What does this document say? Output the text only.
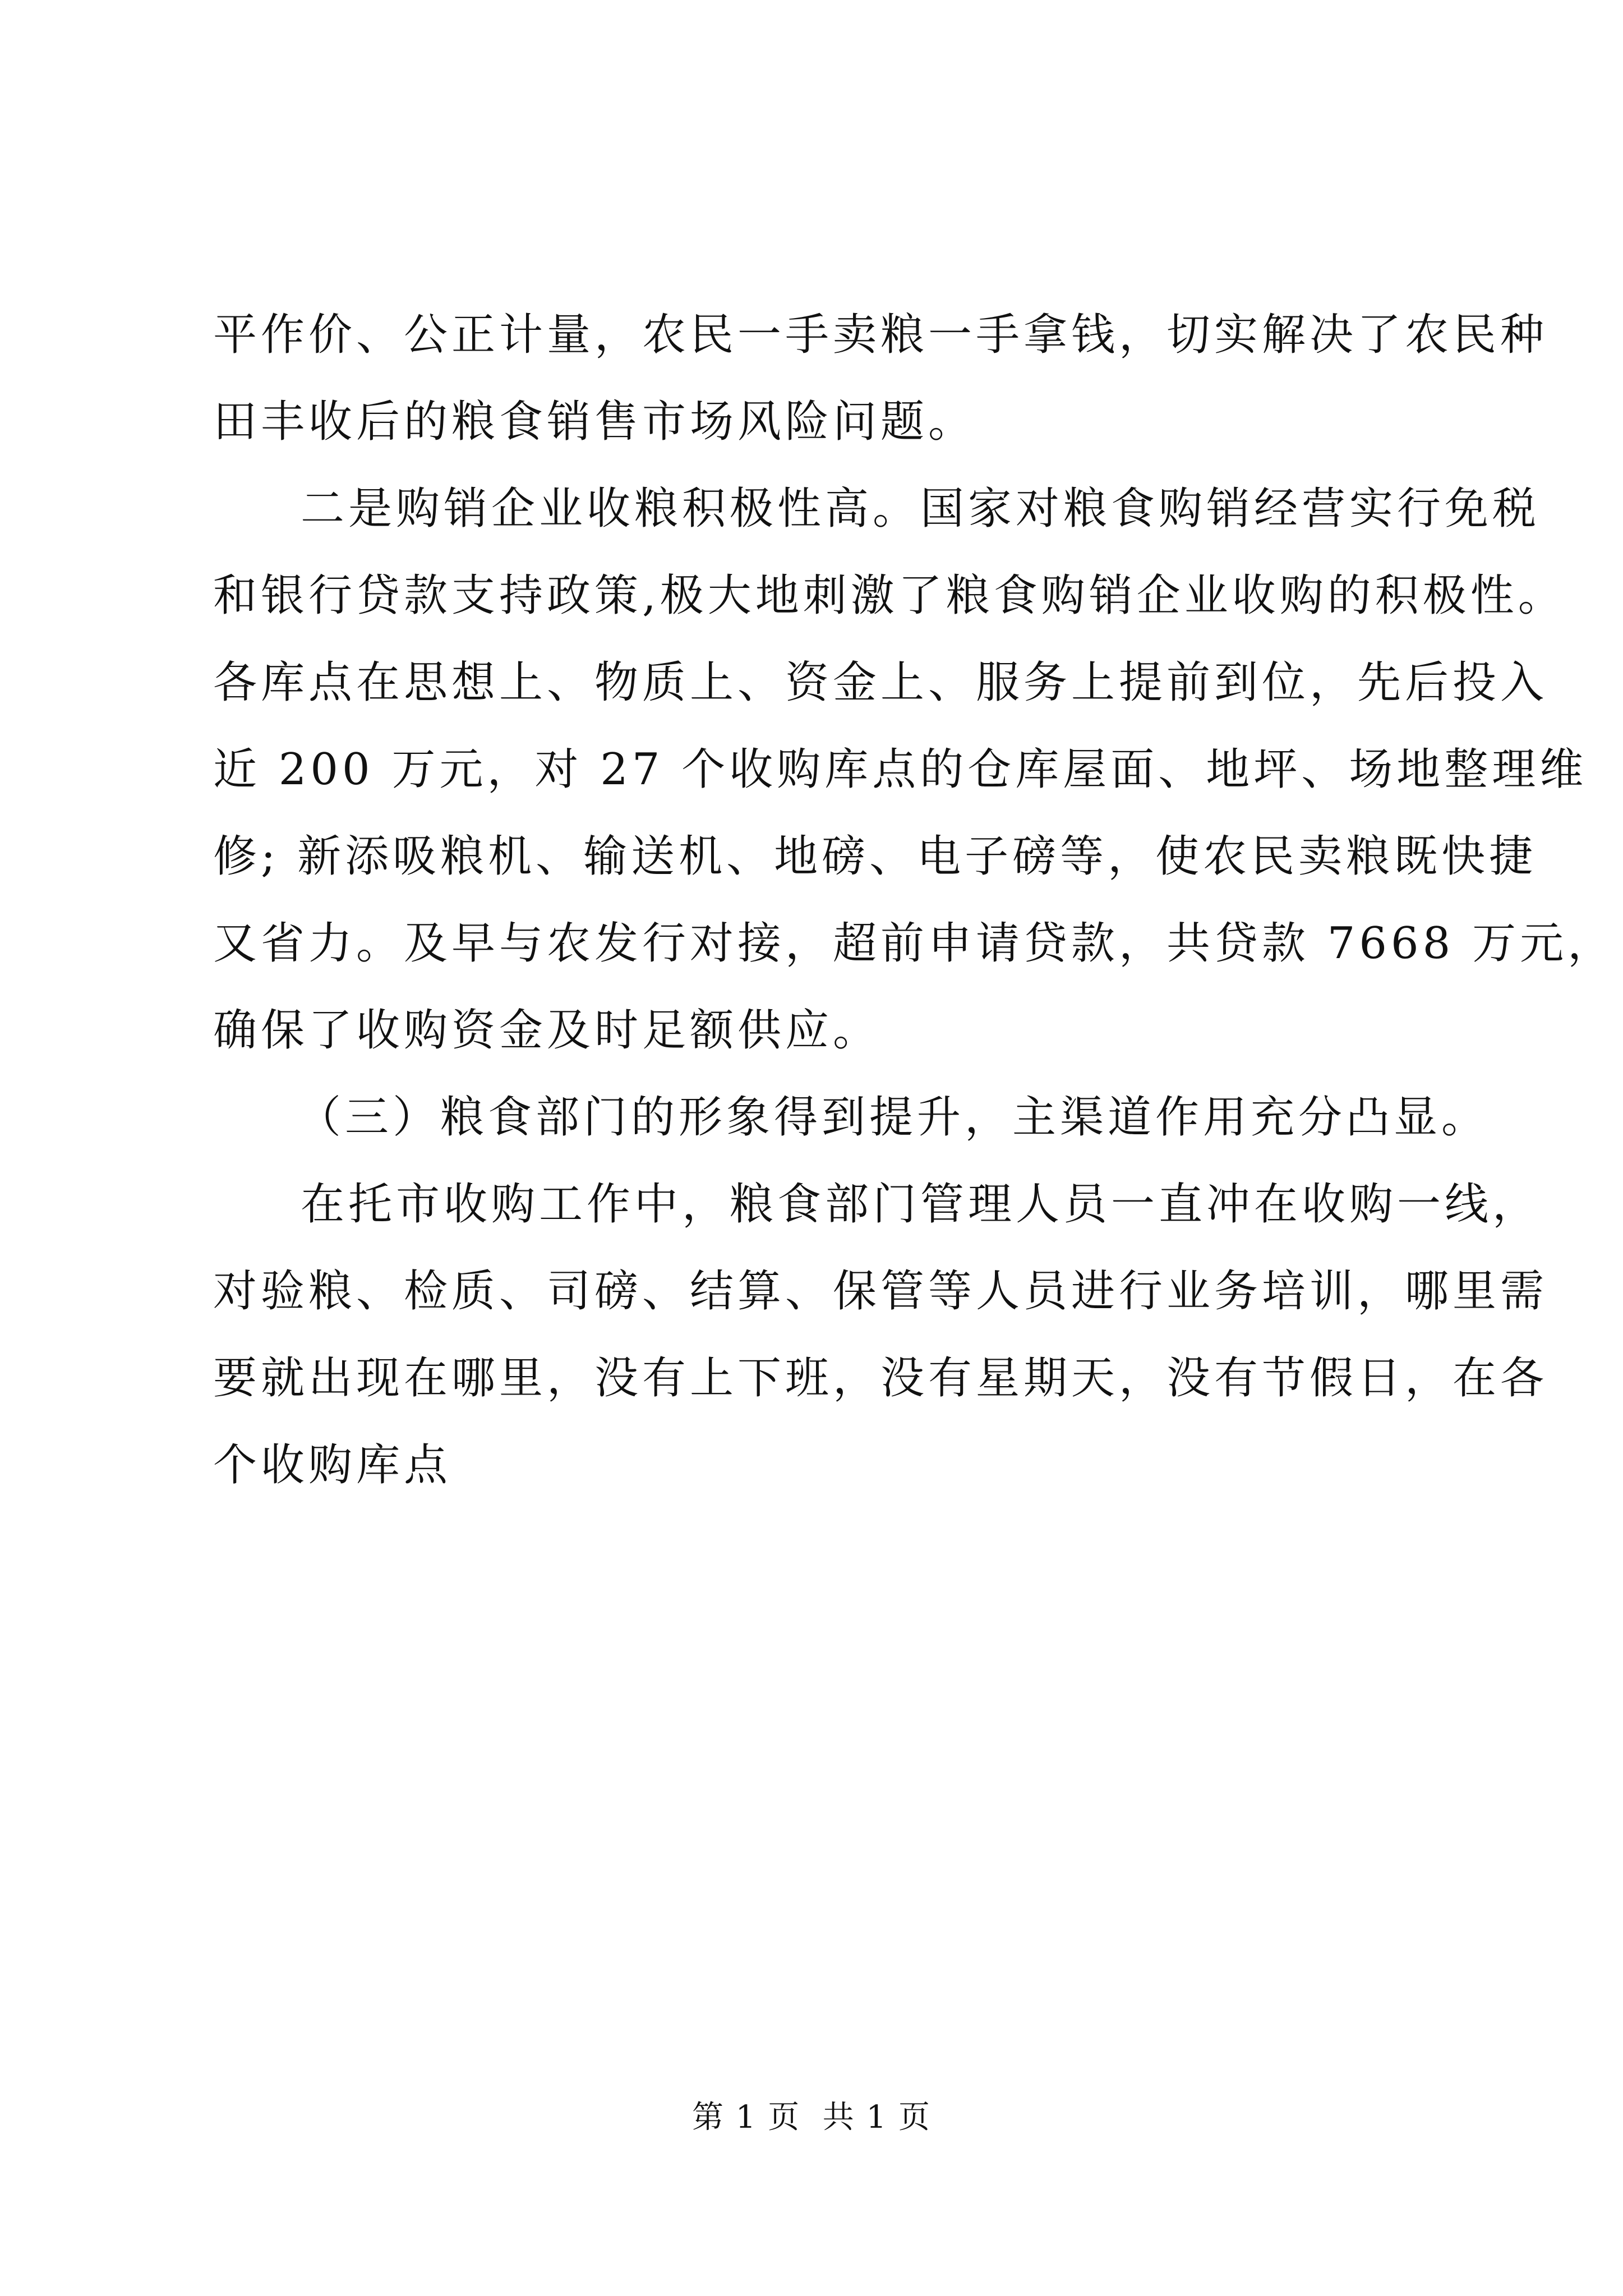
平作价、公正计量，农民一手卖粮一手拿钱，切实解决了农民种
田丰收后的粮食销售市场风险问题。
二是购销企业收粮积极性高。国家对粮食购销经营实行免税
和银行贷款支持政策,极大地刺激了粮食购销企业收购的积极性。
各库点在思想上、物质上、资金上、服务上提前到位，先后投入
近 200 万元，对 27 个收购库点的仓库屋面、地坪、场地整理维
修; 新添吸粮机、输送机、地磅、电子磅等，使农民卖粮既快捷
又省力。及早与农发行对接，超前申请贷款，共贷款 7668 万元，
确保了收购资金及时足额供应。
（三）粮食部门的形象得到提升，主渠道作用充分凸显。
在托市收购工作中，粮食部门管理人员一直冲在收购一线，
对验粮、检质、司磅、结算、保管等人员进行业务培训，哪里需
要就出现在哪里，没有上下班，没有星期天，没有节假日，在各
个收购库点
第 1 页  共 1 页
